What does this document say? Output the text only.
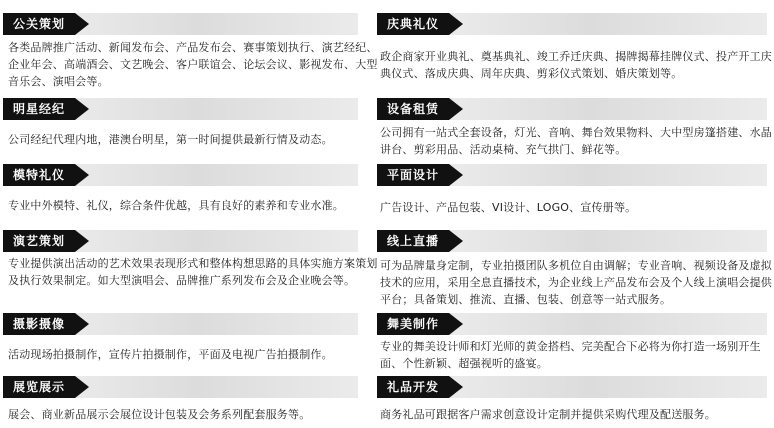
公关策划
各类品牌推广活动、新闻发布会、产品发布会、赛事策划执行、演艺经纪、企业年会、高端酒会、文艺晚会、客户联谊会、论坛会议、影视发布、大型音乐会、演唱会等。
明星经纪
公司经纪代理内地，港澳台明星，第一时间提供最新行情及动态。
模特礼仪
专业中外模特、礼仪，综合条件优越，具有良好的素养和专业水准。
演艺策划
专业提供演出活动的艺术效果表现形式和整体构想思路的具体实施方案策划及执行效果制定。如大型演唱会、品牌推广系列发布会及企业晚会等。
摄影摄像
活动现场拍摄制作，宣传片拍摄制作，平面及电视广告拍摄制作。
展览展示
展会、商业新品展示会展位设计包装及会务系列配套服务等。
庆典礼仪
政企商家开业典礼、奠基典礼、竣工乔迁庆典、揭牌揭幕挂牌仪式、投产开工庆典仪式、落成庆典、周年庆典、剪彩仪式策划、婚庆策划等。
设备租赁
公司拥有一站式全套设备，灯光、音响、舞台效果物料、大中型房篷搭建、水晶讲台、剪彩用品、活动桌椅、充气拱门、鲜花等。
平面设计
广告设计、产品包装、VI设计、LOGO、宣传册等。
线上直播
可为品牌量身定制，专业拍摄团队多机位自由调解；专业音响、视频设备及虚拟技术的应用，采用全息直播技术，为企业线上产品发布会及个人线上演唱会提供平台；具备策划、推流、直播、包装、创意等一站式服务。
舞美制作
专业的舞美设计师和灯光师的黄金搭档、完美配合下必将为你打造一场别开生面、个性新颖、超强视听的盛宴。
礼品开发
商务礼品可跟据客户需求创意设计定制并提供采购代理及配送服务。
